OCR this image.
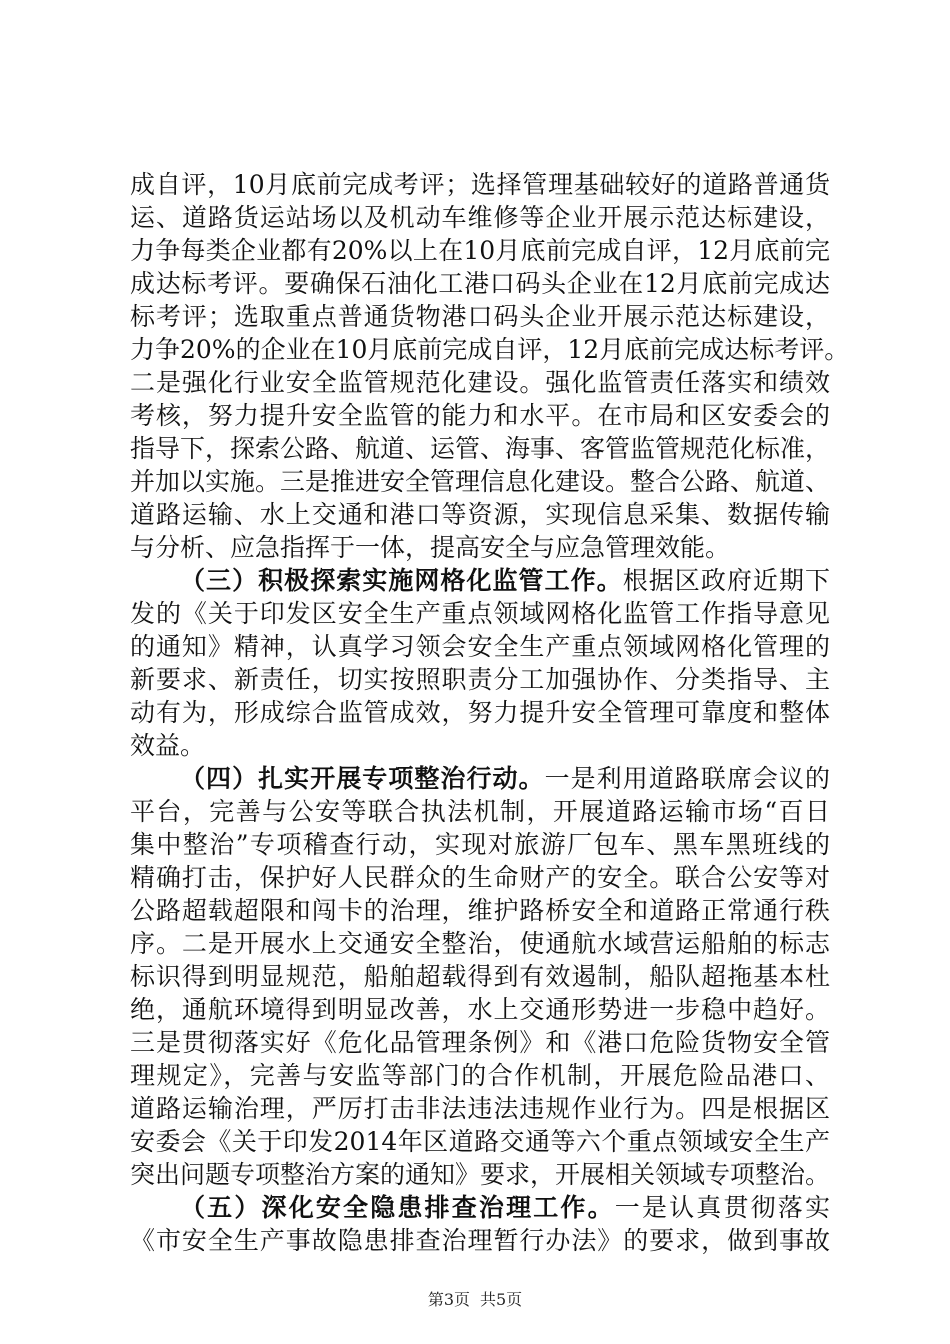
成自评，10月底前完成考评；选择管理基础较好的道路普通货
运、道路货运站场以及机动车维修等企业开展示范达标建设，
力争每类企业都有20%以上在10月底前完成自评，12月底前完
成达标考评。要确保石油化工港口码头企业在12月底前完成达
标考评；选取重点普通货物港口码头企业开展示范达标建设，
力争20%的企业在10月底前完成自评，12月底前完成达标考评。
二是强化行业安全监管规范化建设。强化监管责任落实和绩效
考核，努力提升安全监管的能力和水平。在市局和区安委会的
指导下，探索公路、航道、运管、海事、客管监管规范化标准，
并加以实施。三是推进安全管理信息化建设。整合公路、航道、
道路运输、水上交通和港口等资源，实现信息采集、数据传输
与分析、应急指挥于一体，提高安全与应急管理效能。
（三）积极探索实施网格化监管工作。根据区政府近期下
发的《关于印发区安全生产重点领域网格化监管工作指导意见
的通知》精神，认真学习领会安全生产重点领域网格化管理的
新要求、新责任，切实按照职责分工加强协作、分类指导、主
动有为，形成综合监管成效，努力提升安全管理可靠度和整体
效益。
（四）扎实开展专项整治行动。一是利用道路联席会议的
平台，完善与公安等联合执法机制，开展道路运输市场“百日
集中整治”专项稽查行动，实现对旅游厂包车、黑车黑班线的
精确打击，保护好人民群众的生命财产的安全。联合公安等对
公路超载超限和闯卡的治理，维护路桥安全和道路正常通行秩
序。二是开展水上交通安全整治，使通航水域营运船舶的标志
标识得到明显规范，船舶超载得到有效遏制，船队超拖基本杜
绝，通航环境得到明显改善，水上交通形势进一步稳中趋好。
三是贯彻落实好《危化品管理条例》和《港口危险货物安全管
理规定》，完善与安监等部门的合作机制，开展危险品港口、
道路运输治理，严厉打击非法违法违规作业行为。四是根据区
安委会《关于印发2014年区道路交通等六个重点领域安全生产
突出问题专项整治方案的通知》要求，开展相关领域专项整治。
（五）深化安全隐患排查治理工作。一是认真贯彻落实
《市安全生产事故隐患排查治理暂行办法》的要求，做到事故
第3页 共5页
